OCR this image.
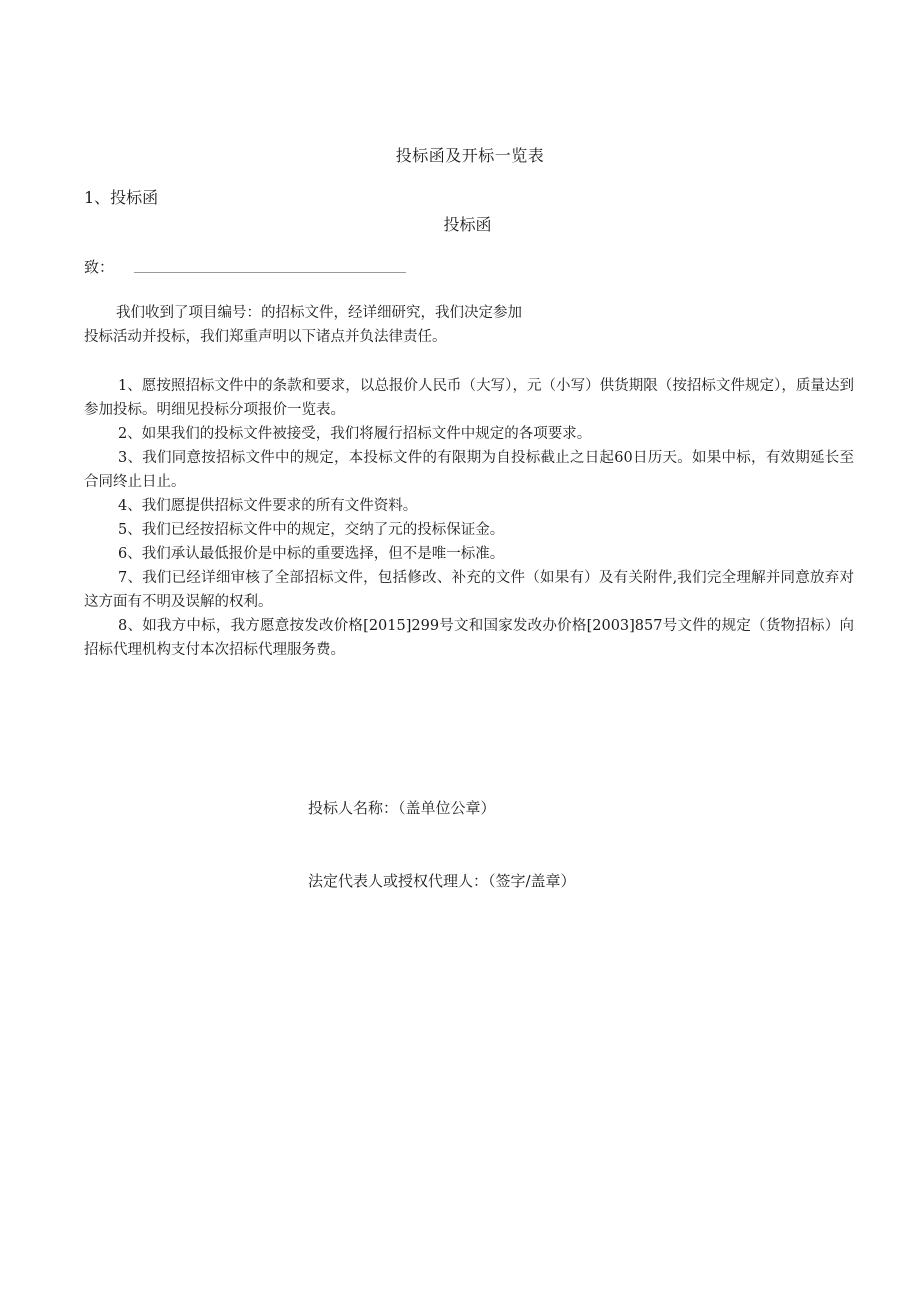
投标函及开标一览表
1、投标函
投标函
致：
我们收到了项目编号：的招标文件，经详细研究，我们决定参加
投标活动并投标，我们郑重声明以下诸点并负法律责任。

1、愿按照招标文件中的条款和要求，以总报价人民币（大写），元（小写）供货期限（按招标文件规定），质量达到参加投标。明细见投标分项报价一览表。

2、如果我们的投标文件被接受，我们将履行招标文件中规定的各项要求。

3、我们同意按招标文件中的规定，本投标文件的有限期为自投标截止之日起60日历天。如果中标，有效期延长至合同终止日止。

4、我们愿提供招标文件要求的所有文件资料。

5、我们已经按招标文件中的规定，交纳了元的投标保证金。

6、我们承认最低报价是中标的重要选择，但不是唯一标准。

7、我们已经详细审核了全部招标文件，包括修改、补充的文件（如果有）及有关附件,我们完全理解并同意放弃对这方面有不明及误解的权利。

8、如我方中标，我方愿意按发改价格[2015]299号文和国家发改办价格[2003]857号文件的规定（货物招标）向招标代理机构支付本次招标代理服务费。

投标人名称：（盖单位公章）
法定代表人或授权代理人：（签字/盖章）
